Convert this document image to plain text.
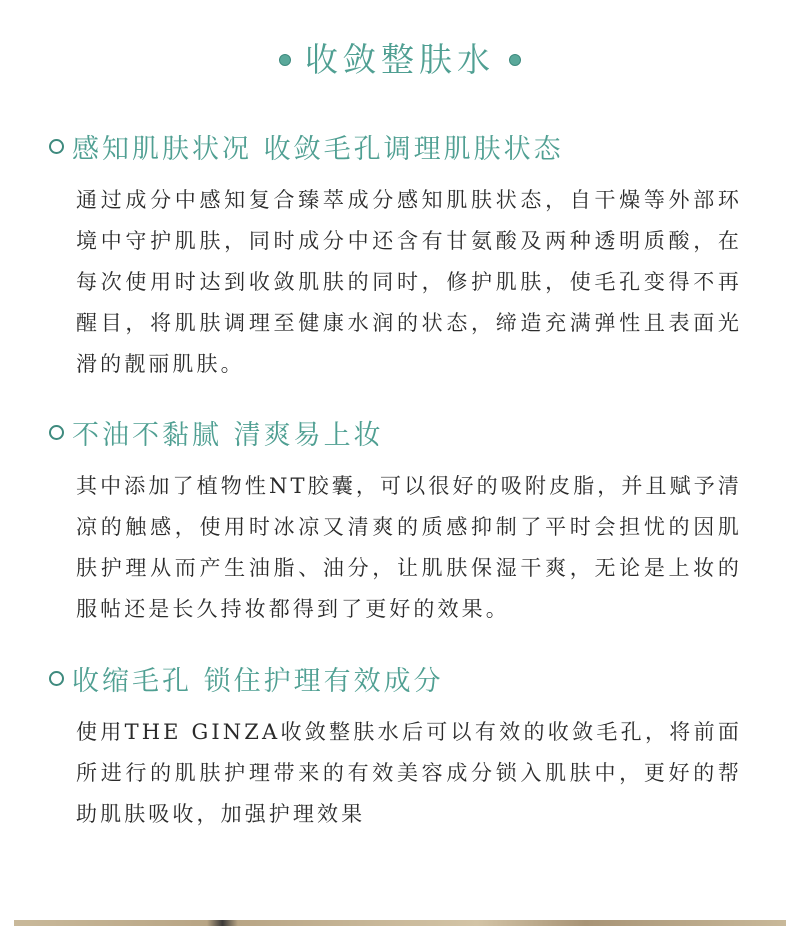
收敛整肤水
感知肌肤状况 收敛毛孔调理肌肤状态
通过成分中感知复合臻萃成分感知肌肤状态，自干燥等外部环境中守护肌肤，同时成分中还含有甘氨酸及两种透明质酸，在每次使用时达到收敛肌肤的同时，修护肌肤，使毛孔变得不再醒目，将肌肤调理至健康水润的状态，缔造充满弹性且表面光滑的靓丽肌肤。
不油不黏腻 清爽易上妆
其中添加了植物性NT胶囊，可以很好的吸附皮脂，并且赋予清凉的触感，使用时冰凉又清爽的质感抑制了平时会担忧的因肌肤护理从而产生油脂、油分，让肌肤保湿干爽，无论是上妆的服帖还是长久持妆都得到了更好的效果。
收缩毛孔 锁住护理有效成分
使用THE GINZA收敛整肤水后可以有效的收敛毛孔，将前面所进行的肌肤护理带来的有效美容成分锁入肌肤中，更好的帮助肌肤吸收，加强护理效果
